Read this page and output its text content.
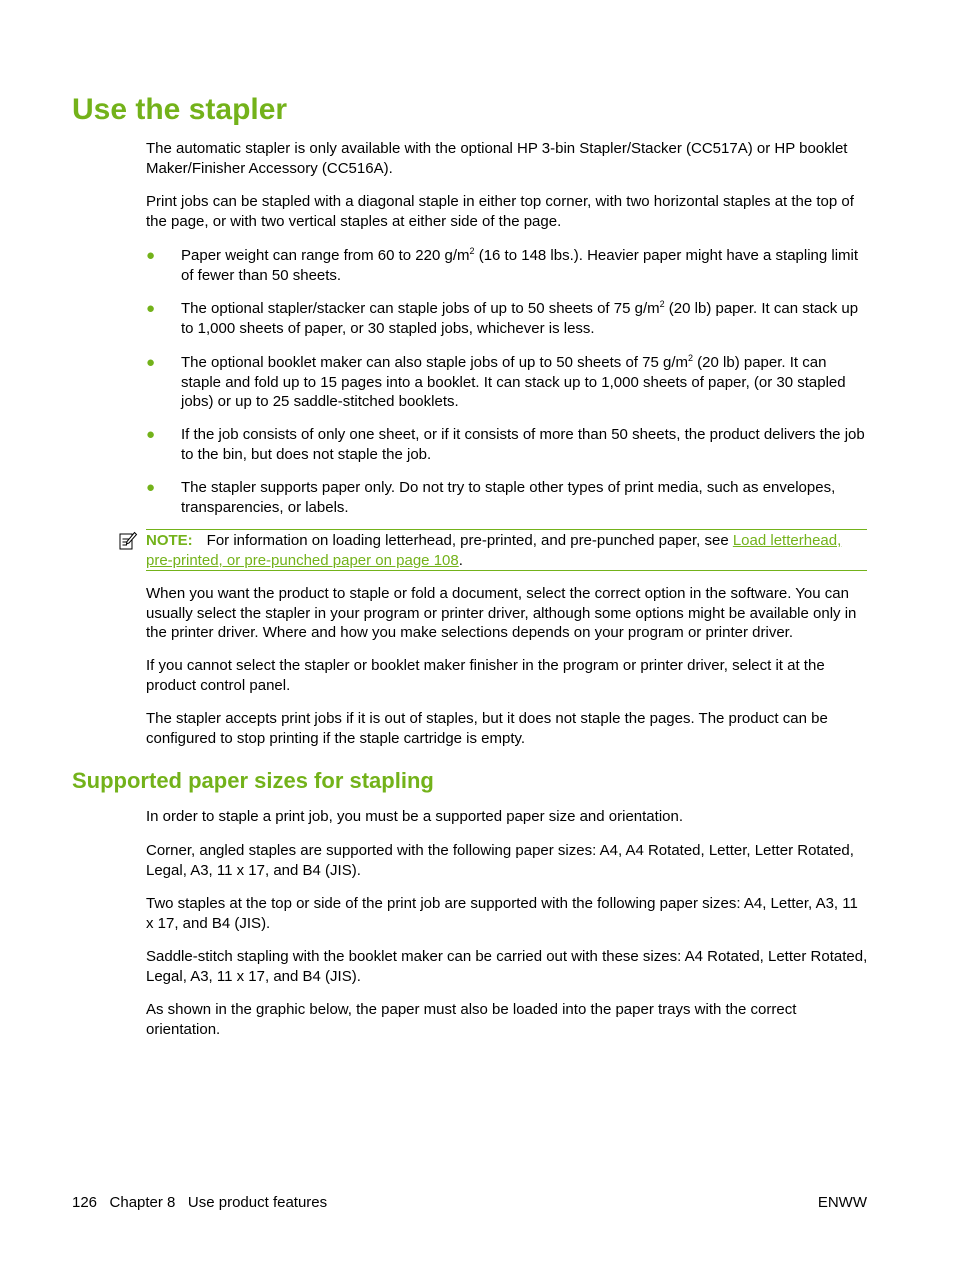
Use the stapler

The automatic stapler is only available with the optional HP 3-bin Stapler/Stacker (CC517A) or HP booklet Maker/Finisher Accessory (CC516A).

Print jobs can be stapled with a diagonal staple in either top corner, with two horizontal staples at the top of the page, or with two vertical staples at either side of the page.

● Paper weight can range from 60 to 220 $g/m^2$ (16 to 148 lbs.). Heavier paper might have a stapling limit of fewer than 50 sheets.

● The optional stapler/stacker can staple jobs of up to 50 sheets of 75 $g/m^2$ (20 lb) paper. It can stack up to 1,000 sheets of paper, or 30 stapled jobs, whichever is less.

● The optional booklet maker can also staple jobs of up to 50 sheets of 75 $g/m^2$ (20 lb) paper. It can staple and fold up to 15 pages into a booklet. It can stack up to 1,000 sheets of paper, (or 30 stapled jobs) or up to 25 saddle-stitched booklets.

● If the job consists of only one sheet, or if it consists of more than 50 sheets, the product delivers the job to the bin, but does not staple the job.

● The stapler supports paper only. Do not try to staple other types of print media, such as envelopes, transparencies, or labels.

NOTE: For information on loading letterhead, pre-printed, and pre-punched paper, see Load letterhead, pre-printed, or pre-punched paper on page 108.

When you want the product to staple or fold a document, select the correct option in the software. You can usually select the stapler in your program or printer driver, although some options might be available only in the printer driver. Where and how you make selections depends on your program or printer driver.

If you cannot select the stapler or booklet maker finisher in the program or printer driver, select it at the product control panel.

The stapler accepts print jobs if it is out of staples, but it does not staple the pages. The product can be configured to stop printing if the staple cartridge is empty.

Supported paper sizes for stapling

In order to staple a print job, you must be a supported paper size and orientation.

Corner, angled staples are supported with the following paper sizes: A4, A4 Rotated, Letter, Letter Rotated, Legal, A3, 11 x 17, and B4 (JIS).

Two staples at the top or side of the print job are supported with the following paper sizes: A4, Letter, A3, 11 x 17, and B4 (JIS).

Saddle-stitch stapling with the booklet maker can be carried out with these sizes: A4 Rotated, Letter Rotated, Legal, A3, 11 x 17, and B4 (JIS).

As shown in the graphic below, the paper must also be loaded into the paper trays with the correct orientation.

126   Chapter 8   Use product features	ENWW
